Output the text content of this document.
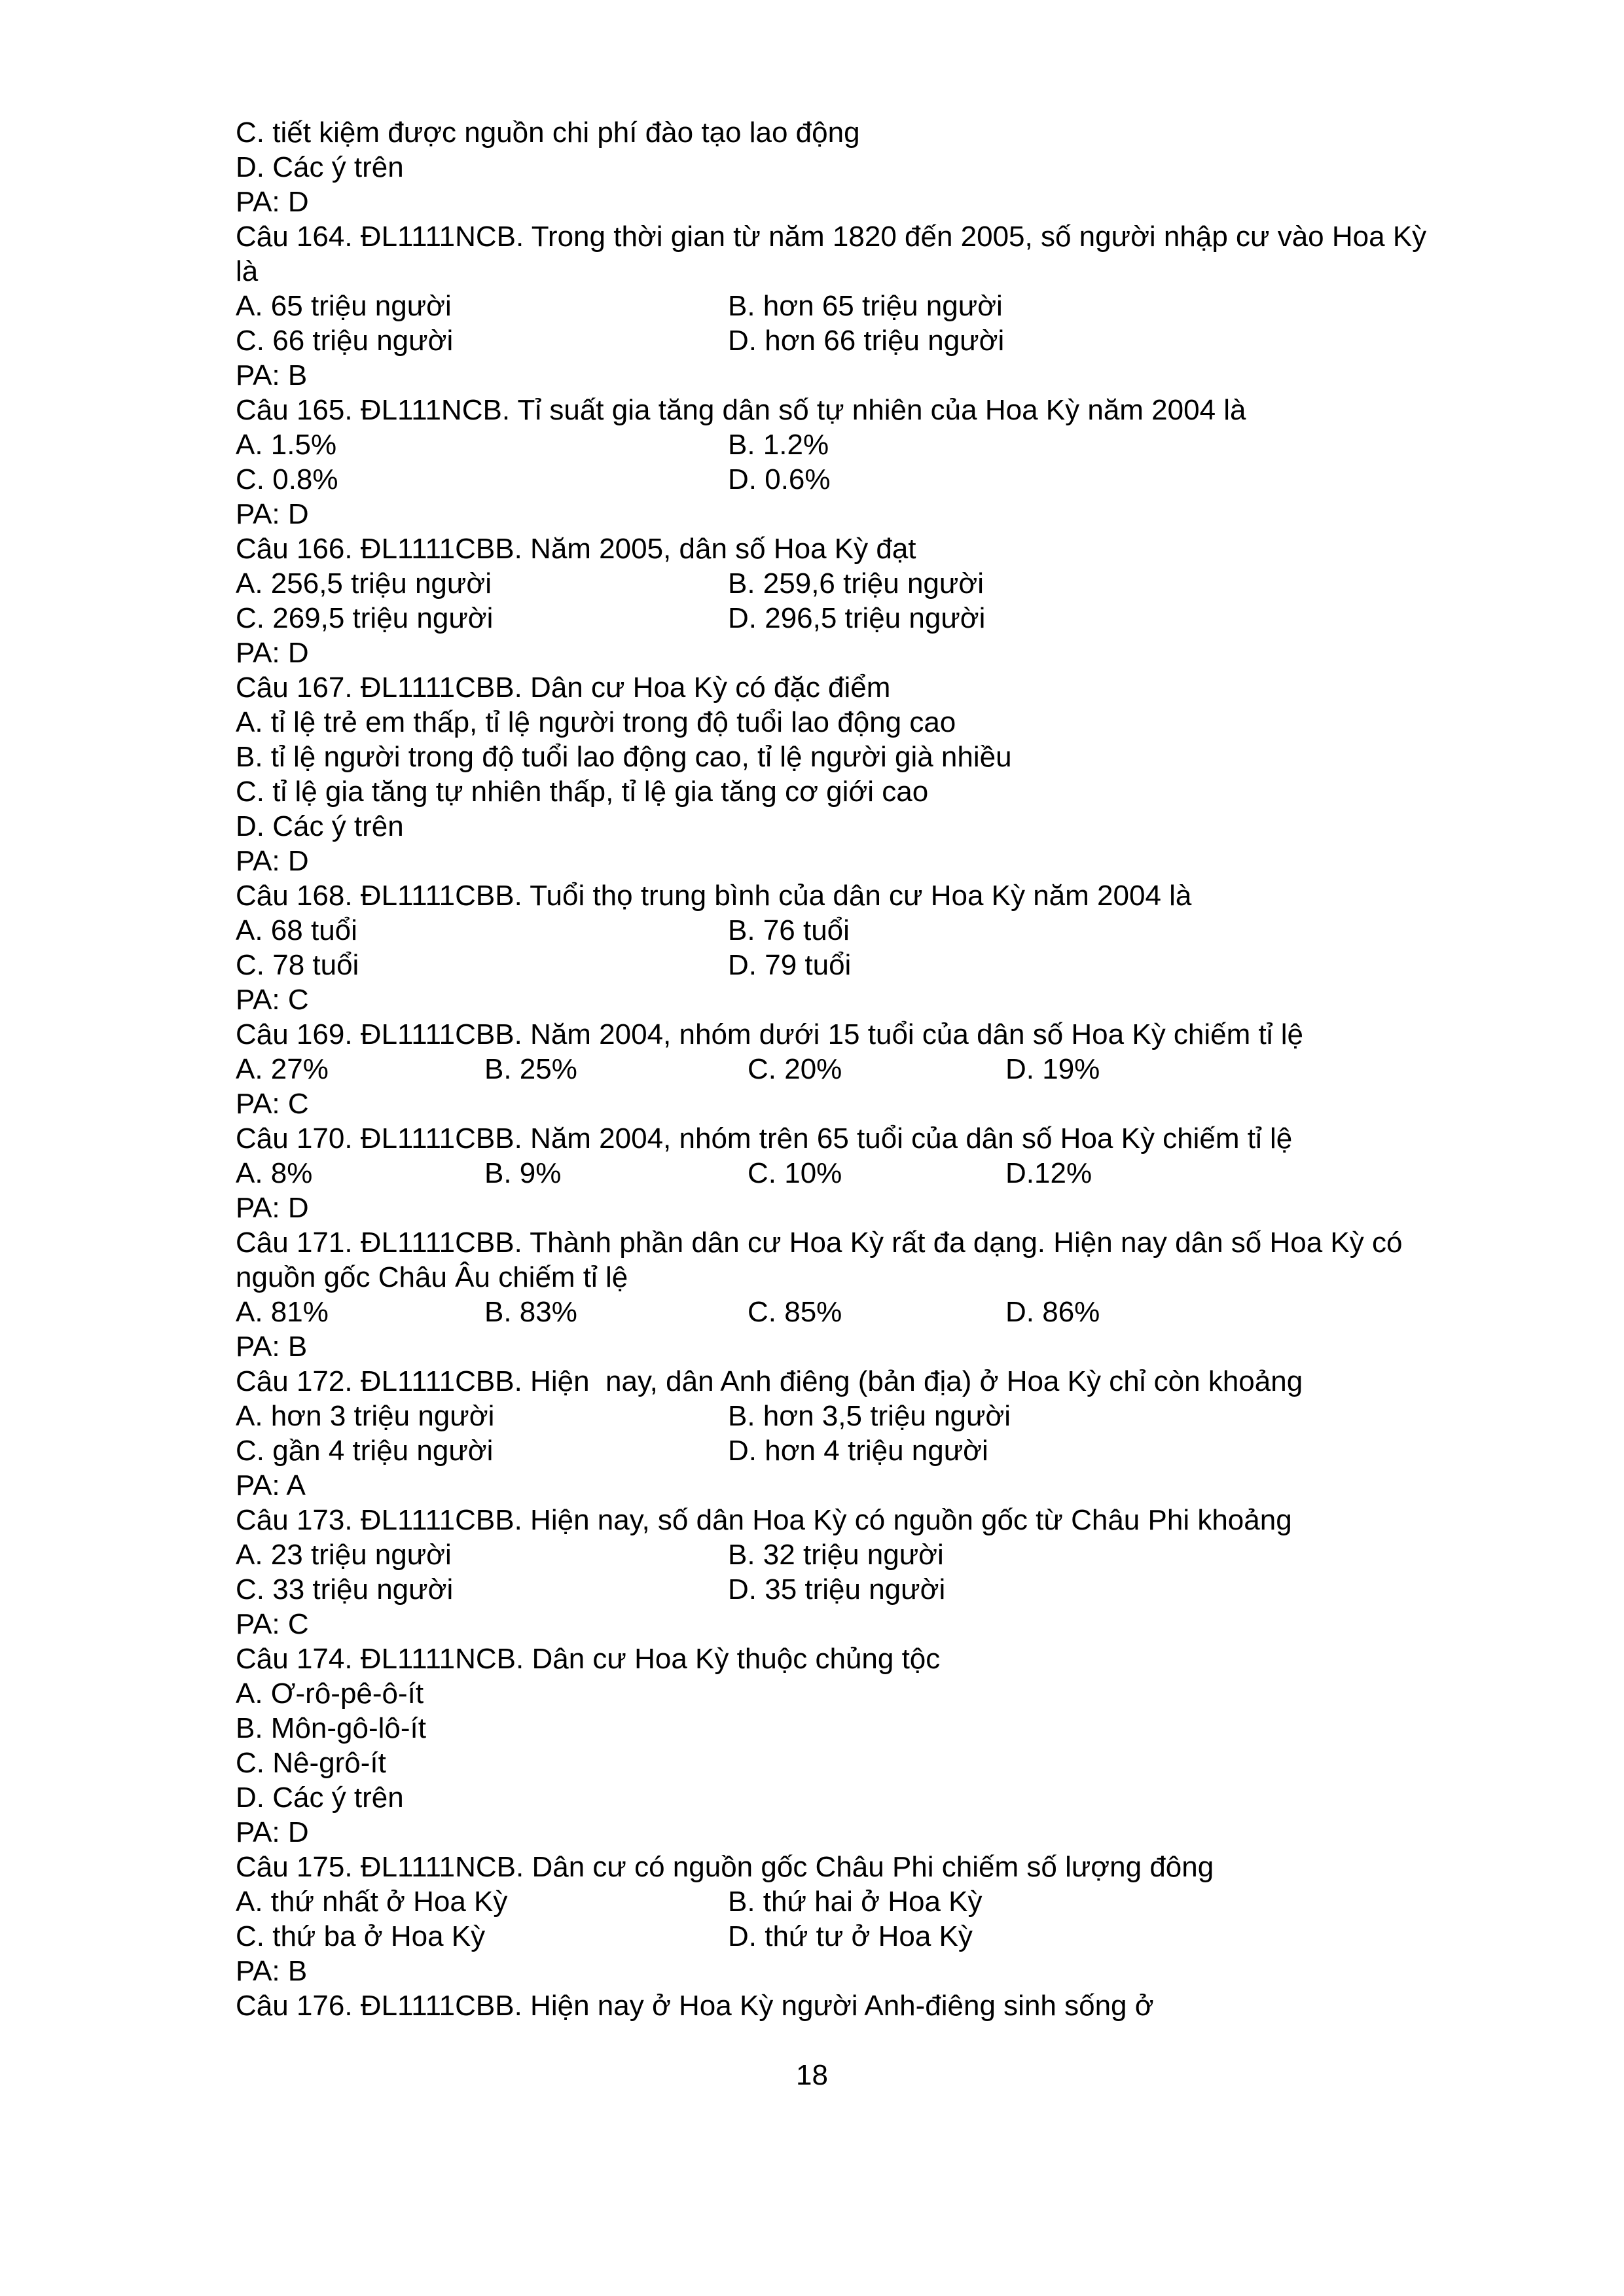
C. tiết kiệm được nguồn chi phí đào tạo lao động
D. Các ý trên
PA: D
Câu 164. ĐL1111NCB. Trong thời gian từ năm 1820 đến 2005, số người nhập cư vào Hoa Kỳ
là
A. 65 triệu người	B. hơn 65 triệu người
C. 66 triệu người	D. hơn 66 triệu người
PA: B
Câu 165. ĐL111NCB. Tỉ suất gia tăng dân số tự nhiên của Hoa Kỳ năm 2004 là
A. 1.5%	B. 1.2%
C. 0.8%	D. 0.6%
PA: D
Câu 166. ĐL1111CBB. Năm 2005, dân số Hoa Kỳ đạt
A. 256,5 triệu người	B. 259,6 triệu người
C. 269,5 triệu người	D. 296,5 triệu người
PA: D
Câu 167. ĐL1111CBB. Dân cư Hoa Kỳ có đặc điểm
A. tỉ lệ trẻ em thấp, tỉ lệ người trong độ tuổi lao động cao
B. tỉ lệ người trong độ tuổi lao động cao, tỉ lệ người già nhiều
C. tỉ lệ gia tăng tự nhiên thấp, tỉ lệ gia tăng cơ giới cao
D. Các ý trên
PA: D
Câu 168. ĐL1111CBB. Tuổi thọ trung bình của dân cư Hoa Kỳ năm 2004 là
A. 68 tuổi	B. 76 tuổi
C. 78 tuổi	D. 79 tuổi
PA: C
Câu 169. ĐL1111CBB. Năm 2004, nhóm dưới 15 tuổi của dân số Hoa Kỳ chiếm tỉ lệ
A. 27%	B. 25%	C. 20%	D. 19%
PA: C
Câu 170. ĐL1111CBB. Năm 2004, nhóm trên 65 tuổi của dân số Hoa Kỳ chiếm tỉ lệ
A. 8%	B. 9%	C. 10%	D.12%
PA: D
Câu 171. ĐL1111CBB. Thành phần dân cư Hoa Kỳ rất đa dạng. Hiện nay dân số Hoa Kỳ có
nguồn gốc Châu Âu chiếm tỉ lệ
A. 81%	B. 83%	C. 85%	D. 86%
PA: B
Câu 172. ĐL1111CBB. Hiện  nay, dân Anh điêng (bản địa) ở Hoa Kỳ chỉ còn khoảng
A. hơn 3 triệu người	B. hơn 3,5 triệu người
C. gần 4 triệu người	D. hơn 4 triệu người
PA: A
Câu 173. ĐL1111CBB. Hiện nay, số dân Hoa Kỳ có nguồn gốc từ Châu Phi khoảng
A. 23 triệu người	B. 32 triệu người
C. 33 triệu người	D. 35 triệu người
PA: C
Câu 174. ĐL1111NCB. Dân cư Hoa Kỳ thuộc chủng tộc
A. Ơ-rô-pê-ô-ít
B. Môn-gô-lô-ít
C. Nê-grô-ít
D. Các ý trên
PA: D
Câu 175. ĐL1111NCB. Dân cư có nguồn gốc Châu Phi chiếm số lượng đông
A. thứ nhất ở Hoa Kỳ	B. thứ hai ở Hoa Kỳ
C. thứ ba ở Hoa Kỳ	D. thứ tư ở Hoa Kỳ
PA: B
Câu 176. ĐL1111CBB. Hiện nay ở Hoa Kỳ người Anh-điêng sinh sống ở
18
